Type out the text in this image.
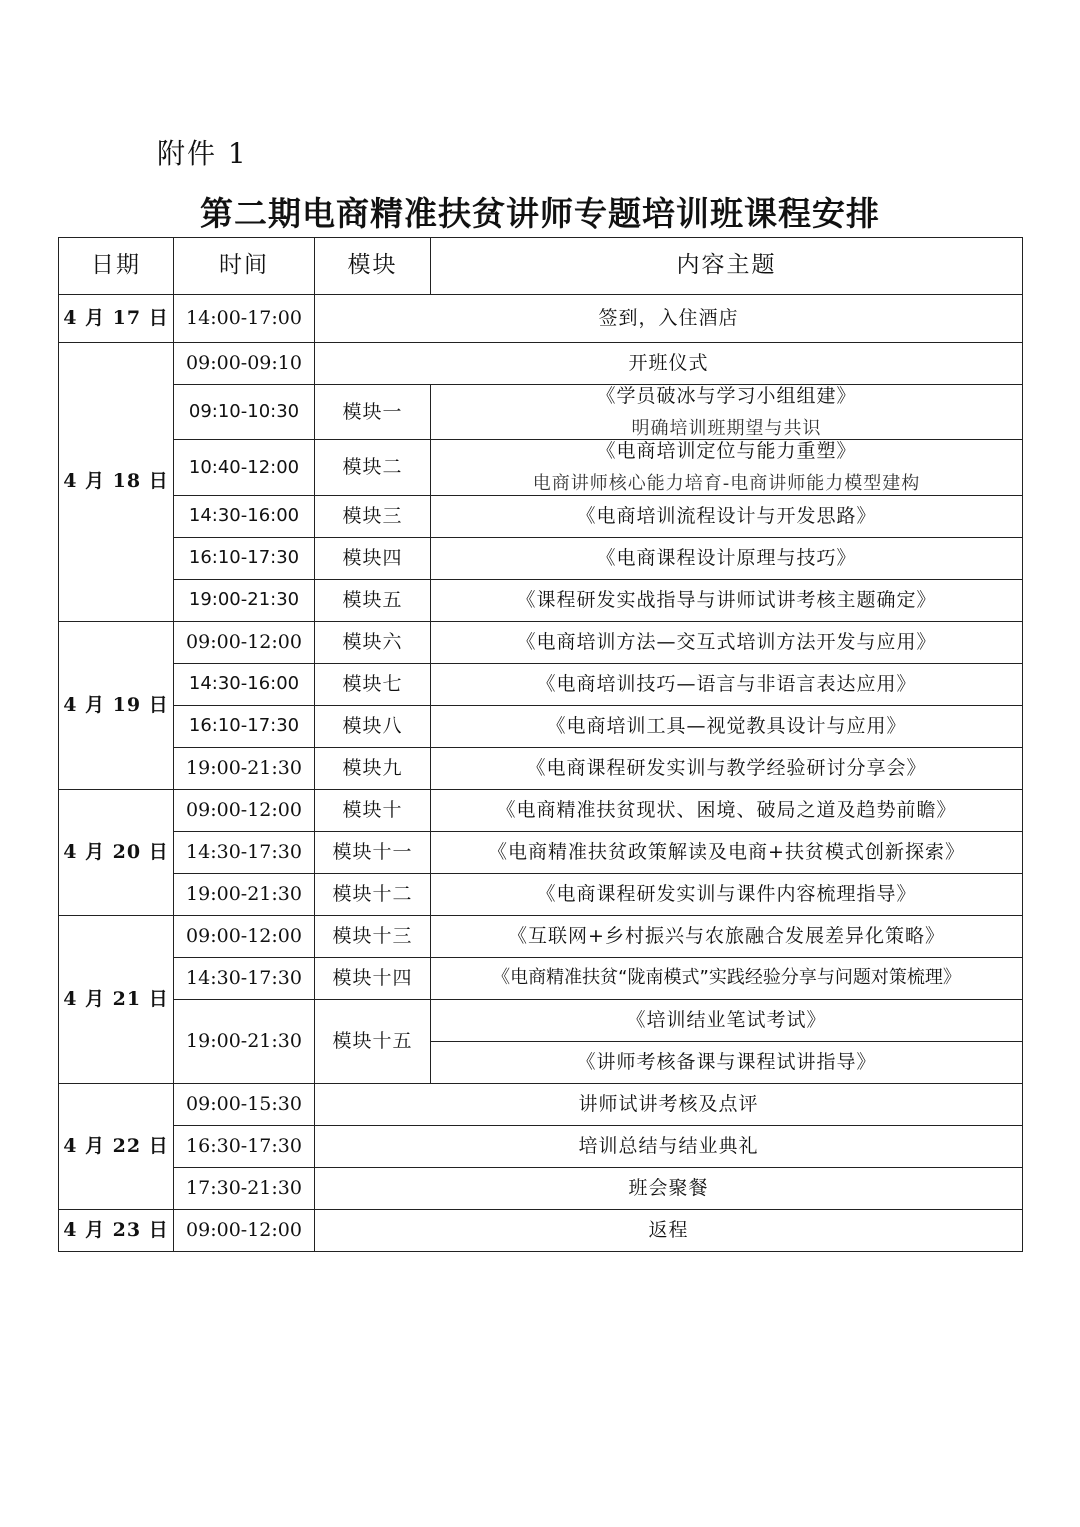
附件 1
第二期电商精准扶贫讲师专题培训班课程安排
日期	时间	模块	内容主题
4 月 17 日	14:00-17:00	签到，入住酒店	
4 月 18 日	09:00-09:10	开班仪式	
	09:10-10:30	模块一	《学员破冰与学习小组组建》
明确培训班期望与共识

	10:40-12:00	模块二	《电商培训定位与能力重塑》
电商讲师核心能力培育-电商讲师能力模型建构

	14:30-16:00	模块三	《电商培训流程设计与开发思路》
	16:10-17:30	模块四	《电商课程设计原理与技巧》
	19:00-21:30	模块五	《课程研发实战指导与讲师试讲考核主题确定》
4 月 19 日	09:00-12:00	模块六	《电商培训方法—交互式培训方法开发与应用》
	14:30-16:00	模块七	《电商培训技巧—语言与非语言表达应用》
	16:10-17:30	模块八	《电商培训工具—视觉教具设计与应用》
	19:00-21:30	模块九	《电商课程研发实训与教学经验研讨分享会》
4 月 20 日	09:00-12:00	模块十	《电商精准扶贫现状、困境、破局之道及趋势前瞻》
	14:30-17:30	模块十一	《电商精准扶贫政策解读及电商+扶贫模式创新探索》
	19:00-21:30	模块十二	《电商课程研发实训与课件内容梳理指导》
4 月 21 日	09:00-12:00	模块十三	《互联网+乡村振兴与农旅融合发展差异化策略》
	14:30-17:30	模块十四	《电商精准扶贫“陇南模式”实践经验分享与问题对策梳理》
	19:00-21:30	模块十五	《培训结业笔试考试》
			《讲师考核备课与课程试讲指导》
4 月 22 日	09:00-15:30	讲师试讲考核及点评	
	16:30-17:30	培训总结与结业典礼	
	17:30-21:30	班会聚餐	
4 月 23 日	09:00-12:00	返程	
